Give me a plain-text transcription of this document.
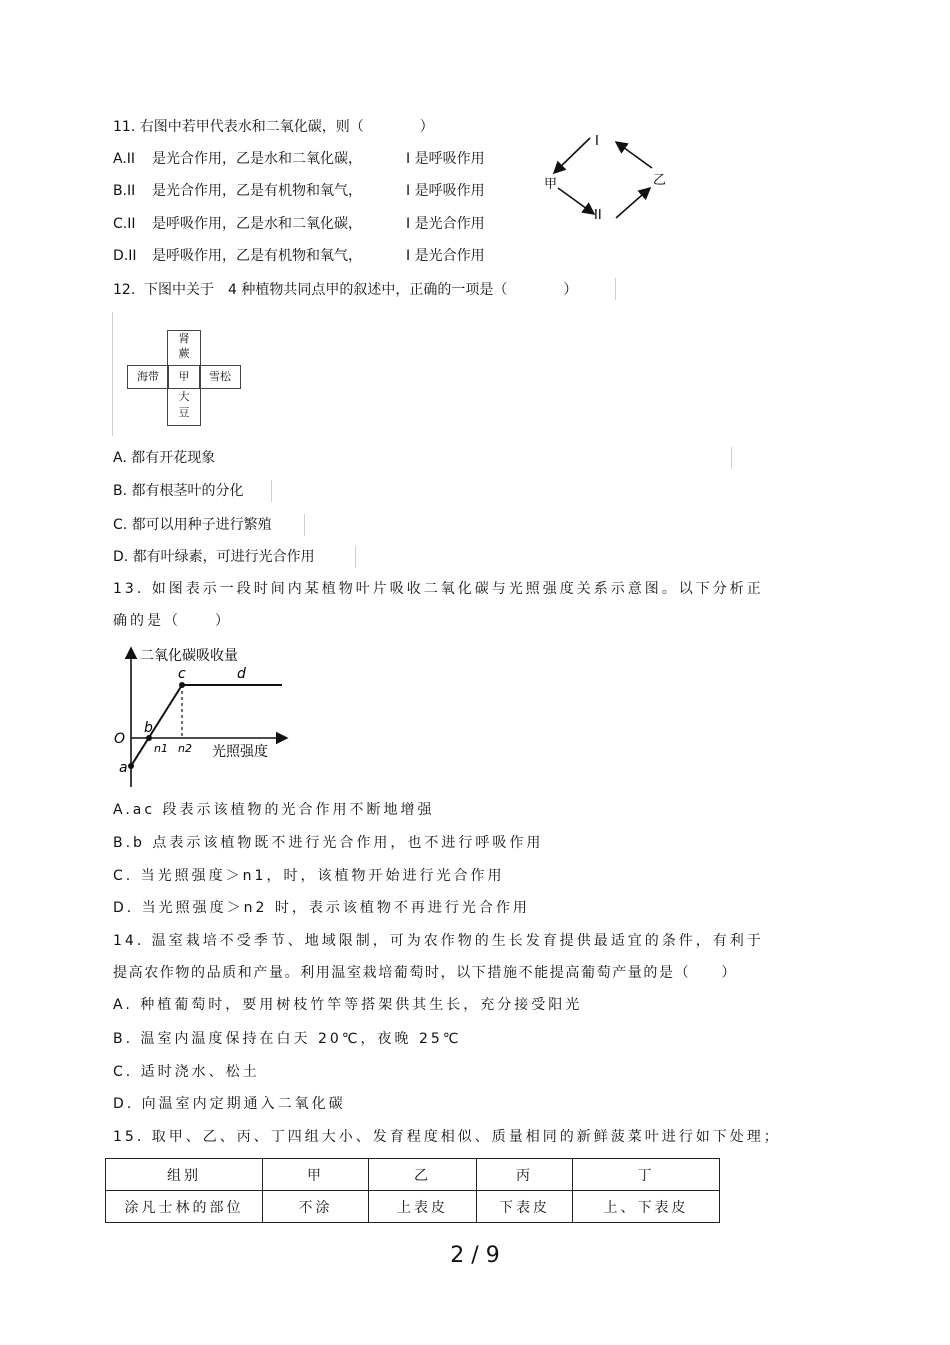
11. 右图中若甲代表水和二氧化碳，则（　　　　）
A.II 是光合作用，乙是水和二氧化碳，	I 是呼吸作用
B.II 是光合作用，乙是有机物和氧气，	I 是呼吸作用
C.II 是呼吸作用，乙是水和二氧化碳，	I 是光合作用
D.II 是呼吸作用，乙是有机物和氧气，	I 是光合作用
I
甲	乙
II
12. 下图中关于　4 种植物共同点甲的叙述中，正确的一项是（　　　　）
肾
蕨
海带	甲	雪松
大
豆
A. 都有开花现象
B. 都有根茎叶的分化
C. 都可以用种子进行繁殖
D. 都有叶绿素，可进行光合作用
13. 如图表示一段时间内某植物叶片吸收二氧化碳与光照强度关系示意图。以下分析正
确的是（　　）
二氧化碳吸收量
光照强度
O
a
b
c	d
n1 n2
A.ac 段表示该植物的光合作用不断地增强
B.b 点表示该植物既不进行光合作用，也不进行呼吸作用
C. 当光照强度＞n1，时，该植物开始进行光合作用
D. 当光照强度＞n2 时，表示该植物不再进行光合作用
14. 温室栽培不受季节、地域限制，可为农作物的生长发育提供最适宜的条件，有利于
提高农作物的品质和产量。利用温室栽培葡萄时，以下措施不能提高葡萄产量的是（　　）
A. 种植葡萄时，要用树枝竹竿等搭架供其生长，充分接受阳光
B. 温室内温度保持在白天 20℃，夜晚 25℃
C. 适时浇水、松土
D. 向温室内定期通入二氧化碳
15. 取甲、乙、丙、丁四组大小、发育程度相似、质量相同的新鲜菠菜叶进行如下处理；
组别	甲	乙	丙	丁
涂凡士林的部位	不涂	上表皮	下表皮	上、下表皮
2 / 9
